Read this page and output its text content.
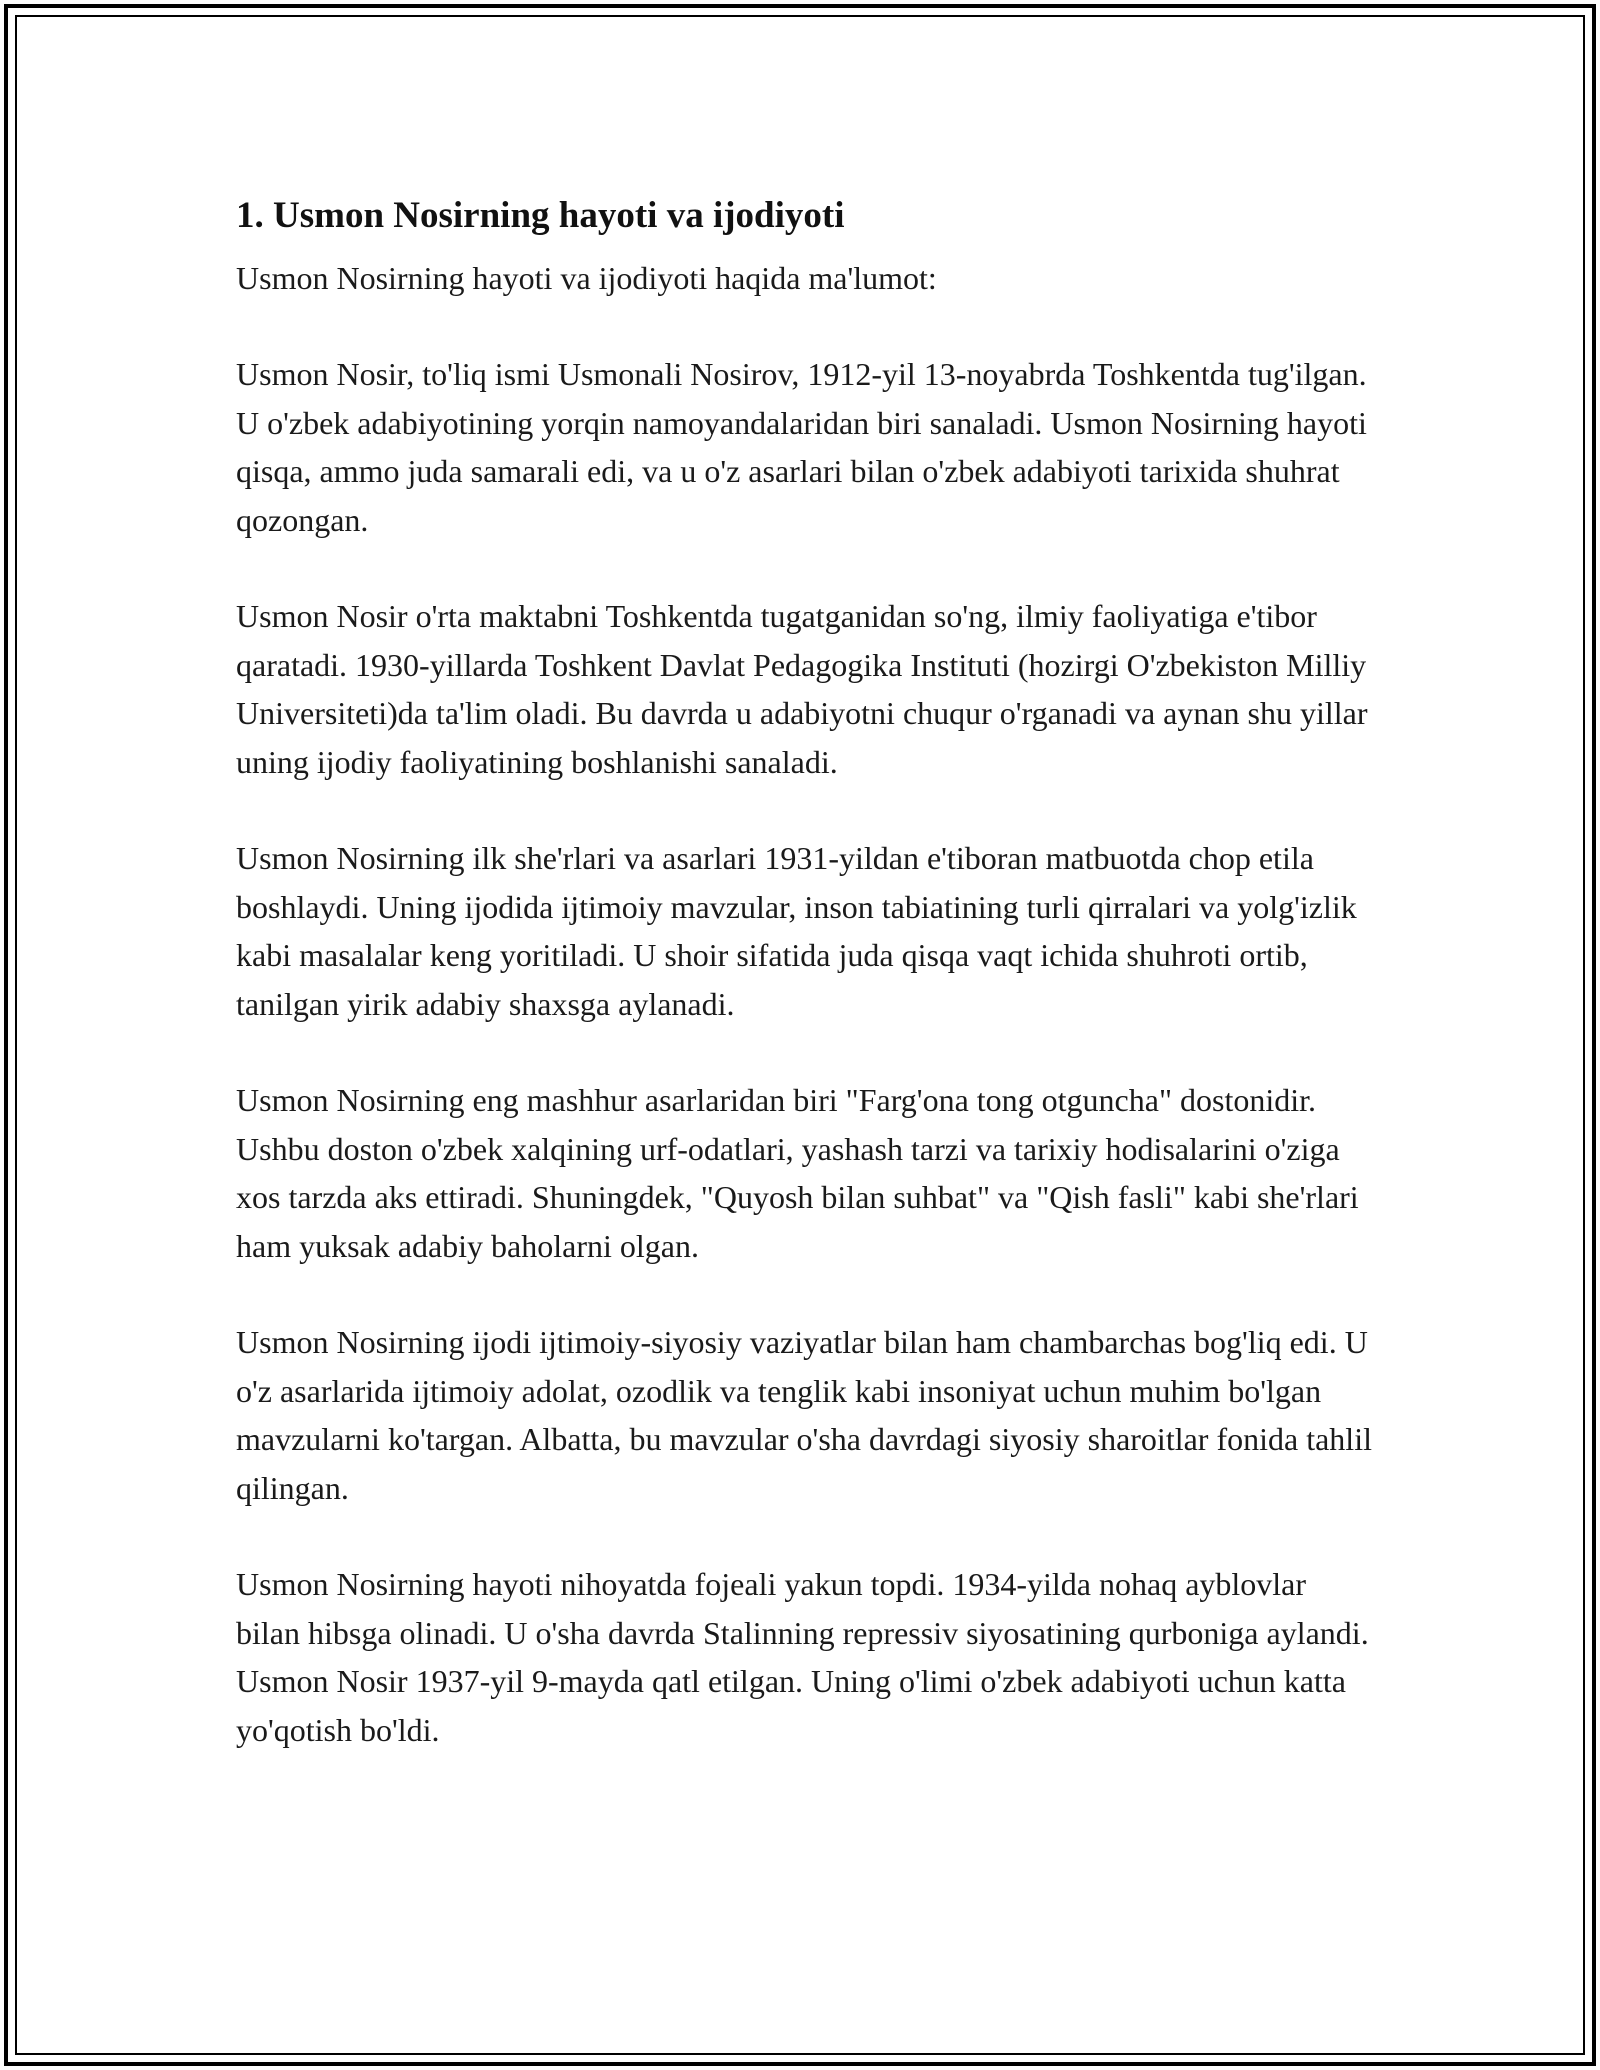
1. Usmon Nosirning hayoti va ijodiyoti

Usmon Nosirning hayoti va ijodiyoti haqida ma'lumot:

Usmon Nosir, to'liq ismi Usmonali Nosirov, 1912-yil 13-noyabrda Toshkentda tug'ilgan. U o'zbek adabiyotining yorqin namoyandalaridan biri sanaladi. Usmon Nosirning hayoti qisqa, ammo juda samarali edi, va u o'z asarlari bilan o'zbek adabiyoti tarixida shuhrat qozongan.

Usmon Nosir o'rta maktabni Toshkentda tugatganidan so'ng, ilmiy faoliyatiga e'tibor qaratadi. 1930-yillarda Toshkent Davlat Pedagogika Instituti (hozirgi O'zbekiston Milliy Universiteti)da ta'lim oladi. Bu davrda u adabiyotni chuqur o'rganadi va aynan shu yillar uning ijodiy faoliyatining boshlanishi sanaladi.

Usmon Nosirning ilk she'rlari va asarlari 1931-yildan e'tiboran matbuotda chop etila boshlaydi. Uning ijodida ijtimoiy mavzular, inson tabiatining turli qirralari va yolg'izlik kabi masalalar keng yoritiladi. U shoir sifatida juda qisqa vaqt ichida shuhroti ortib, tanilgan yirik adabiy shaxsga aylanadi.

Usmon Nosirning eng mashhur asarlaridan biri "Farg'ona tong otguncha" dostonidir. Ushbu doston o'zbek xalqining urf-odatlari, yashash tarzi va tarixiy hodisalarini o'ziga xos tarzda aks ettiradi. Shuningdek, "Quyosh bilan suhbat" va "Qish fasli" kabi she'rlari ham yuksak adabiy baholarni olgan.

Usmon Nosirning ijodi ijtimoiy-siyosiy vaziyatlar bilan ham chambarchas bog'liq edi. U o'z asarlarida ijtimoiy adolat, ozodlik va tenglik kabi insoniyat uchun muhim bo'lgan mavzularni ko'targan. Albatta, bu mavzular o'sha davrdagi siyosiy sharoitlar fonida tahlil qilingan.

Usmon Nosirning hayoti nihoyatda fojeali yakun topdi. 1934-yilda nohaq ayblovlar bilan hibsga olinadi. U o'sha davrda Stalinning repressiv siyosatining qurboniga aylandi. Usmon Nosir 1937-yil 9-mayda qatl etilgan. Uning o'limi o'zbek adabiyoti uchun katta yo'qotish bo'ldi.
